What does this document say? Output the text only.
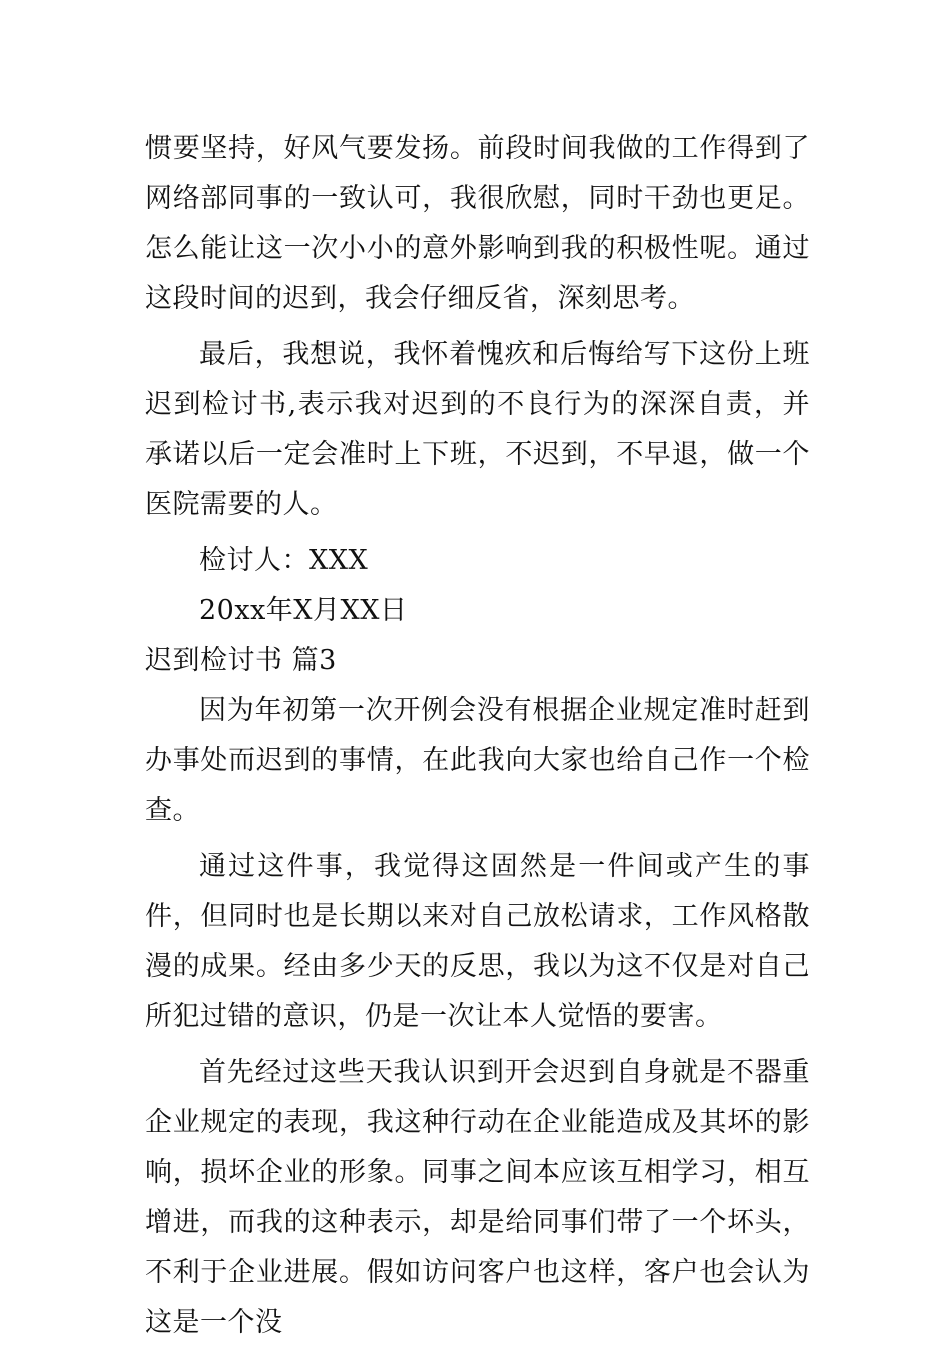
惯要坚持，好风气要发扬。前段时间我做的工作得到了网络部同事的一致认可，我很欣慰，同时干劲也更足。怎么能让这一次小小的意外影响到我的积极性呢。通过这段时间的迟到，我会仔细反省，深刻思考。

最后，我想说，我怀着愧疚和后悔给写下这份上班迟到检讨书,表示我对迟到的不良行为的深深自责，并承诺以后一定会准时上下班，不迟到，不早退，做一个医院需要的人。

检讨人：XXX

20xx年X月XX日

迟到检讨书 篇3

因为年初第一次开例会没有根据企业规定准时赶到办事处而迟到的事情，在此我向大家也给自己作一个检查。

通过这件事，我觉得这固然是一件间或产生的事件，但同时也是长期以来对自己放松请求，工作风格散漫的成果。经由多少天的反思，我以为这不仅是对自己所犯过错的意识，仍是一次让本人觉悟的要害。

首先经过这些天我认识到开会迟到自身就是不器重企业规定的表现，我这种行动在企业能造成及其坏的影响，损坏企业的形象。同事之间本应该互相学习，相互增进，而我的这种表示，却是给同事们带了一个坏头，不利于企业进展。假如访问客户也这样，客户也会认为这是一个没
